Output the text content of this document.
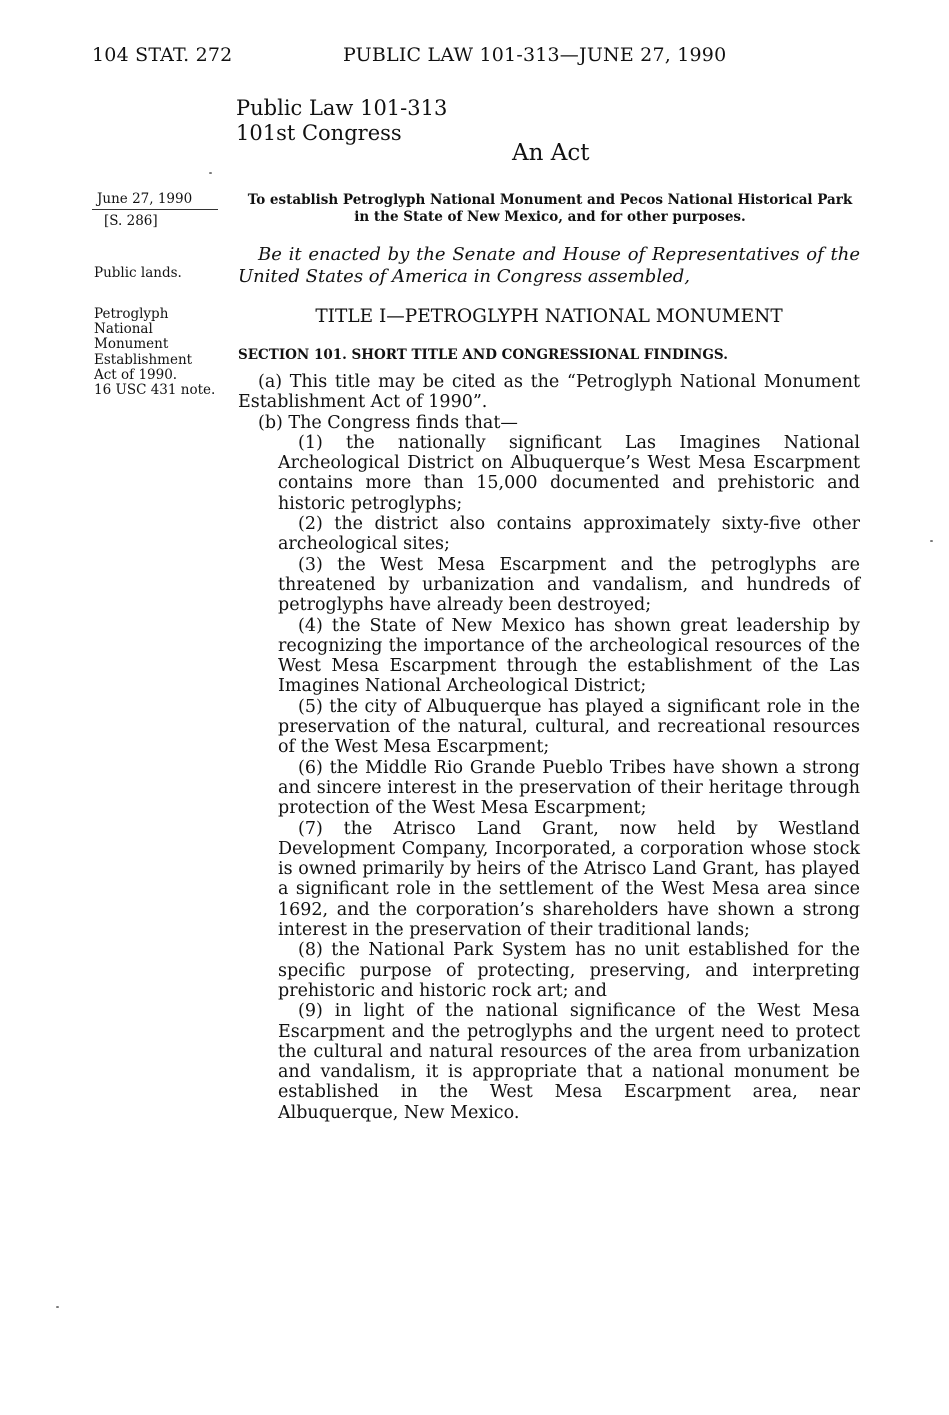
104 STAT. 272	PUBLIC LAW 101-313—JUNE 27, 1990
Public Law 101-313
101st Congress
An Act
June 27, 1990
[S. 286]
Public lands.
Petroglyph
National
Monument
Establishment
Act of 1990.
16 USC 431 note.
To establish Petroglyph National Monument and Pecos National Historical Park in the State of New Mexico, and for other purposes.
Be it enacted by the Senate and House of Representatives of the United States of America in Congress assembled,
TITLE I—PETROGLYPH NATIONAL MONUMENT
SECTION 101. SHORT TITLE AND CONGRESSIONAL FINDINGS.

(a) This title may be cited as the “Petroglyph National Monument Establishment Act of 1990”.

(b) The Congress finds that—

(1) the nationally significant Las Imagines National Archeological District on Albuquerque’s West Mesa Escarpment contains more than 15,000 documented and prehistoric and historic petroglyphs;

(2) the district also contains approximately sixty-five other archeological sites;

(3) the West Mesa Escarpment and the petroglyphs are threatened by urbanization and vandalism, and hundreds of petroglyphs have already been destroyed;

(4) the State of New Mexico has shown great leadership by recognizing the importance of the archeological resources of the West Mesa Escarpment through the establishment of the Las Imagines National Archeological District;

(5) the city of Albuquerque has played a significant role in the preservation of the natural, cultural, and recreational resources of the West Mesa Escarpment;

(6) the Middle Rio Grande Pueblo Tribes have shown a strong and sincere interest in the preservation of their heritage through protection of the West Mesa Escarpment;

(7) the Atrisco Land Grant, now held by Westland Development Company, Incorporated, a corporation whose stock is owned primarily by heirs of the Atrisco Land Grant, has played a significant role in the settlement of the West Mesa area since 1692, and the corporation’s shareholders have shown a strong interest in the preservation of their traditional lands;

(8) the National Park System has no unit established for the specific purpose of protecting, preserving, and interpreting prehistoric and historic rock art; and

(9) in light of the national significance of the West Mesa Escarpment and the petroglyphs and the urgent need to protect the cultural and natural resources of the area from urbanization and vandalism, it is appropriate that a national monument be established in the West Mesa Escarpment area, near Albuquerque, New Mexico.
